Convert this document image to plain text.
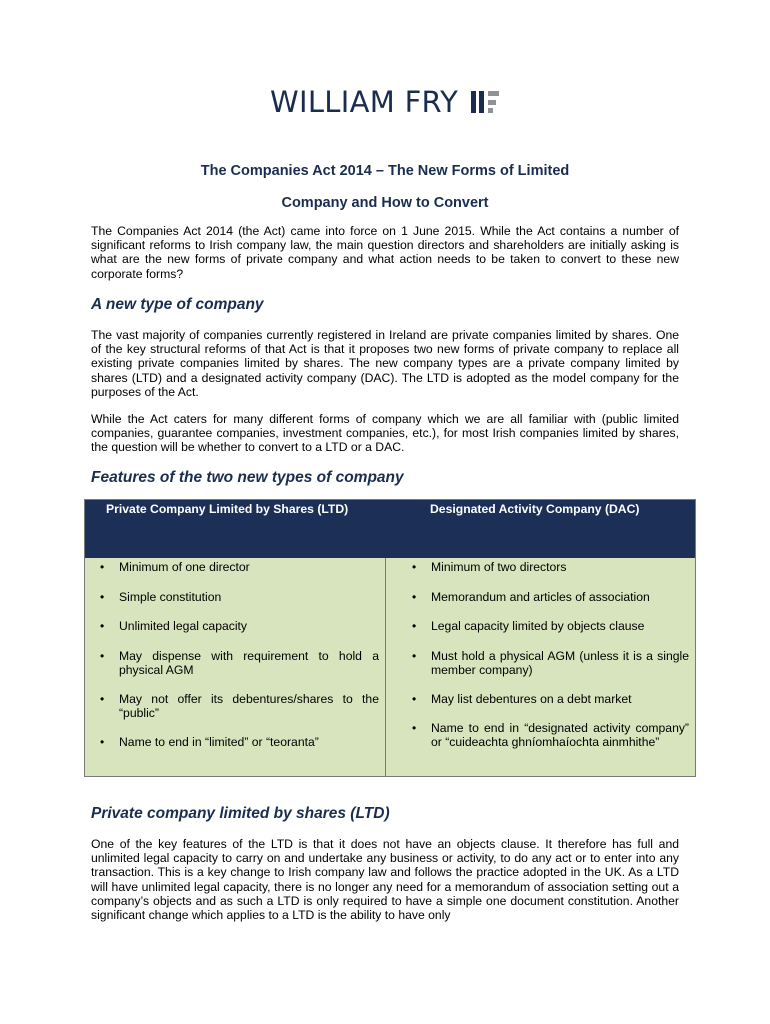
WILLIAM FRY
The Companies Act 2014 – The New Forms of Limited
Company and How to Convert

The Companies Act 2014 (the Act) came into force on 1 June 2015. While the Act contains a number of significant reforms to Irish company law, the main question directors and shareholders are initially asking is what are the new forms of private company and what action needs to be taken to convert to these new corporate forms?

A new type of company

The vast majority of companies currently registered in Ireland are private companies limited by shares. One of the key structural reforms of that Act is that it proposes two new forms of private company to replace all existing private companies limited by shares. The new company types are a private company limited by shares (LTD) and a designated activity company (DAC). The LTD is adopted as the model company for the purposes of the Act.

While the Act caters for many different forms of company which we are all familiar with (public limited companies, guarantee companies, investment companies, etc.), for most Irish companies limited by shares, the question will be whether to convert to a LTD or a DAC.

Features of the two new types of company
Private Company Limited by Shares (LTD)	Designated Activity Company (DAC)
• Minimum of one director
• Simple constitution
• Unlimited legal capacity
• May dispense with requirement to hold a physical AGM
• May not offer its debentures/shares to the “public”
• Name to end in “limited” or “teoranta”
• Minimum of two directors
• Memorandum and articles of association
• Legal capacity limited by objects clause
• Must hold a physical AGM (unless it is a single member company)
• May list debentures on a debt market
• Name to end in “designated activity company” or “cuideachta ghníomhaíochta ainmhithe”
Private company limited by shares (LTD)

One of the key features of the LTD is that it does not have an objects clause. It therefore has full and unlimited legal capacity to carry on and undertake any business or activity, to do any act or to enter into any transaction. This is a key change to Irish company law and follows the practice adopted in the UK. As a LTD will have unlimited legal capacity, there is no longer any need for a memorandum of association setting out a company’s objects and as such a LTD is only required to have a simple one document constitution. Another significant change which applies to a LTD is the ability to have only
